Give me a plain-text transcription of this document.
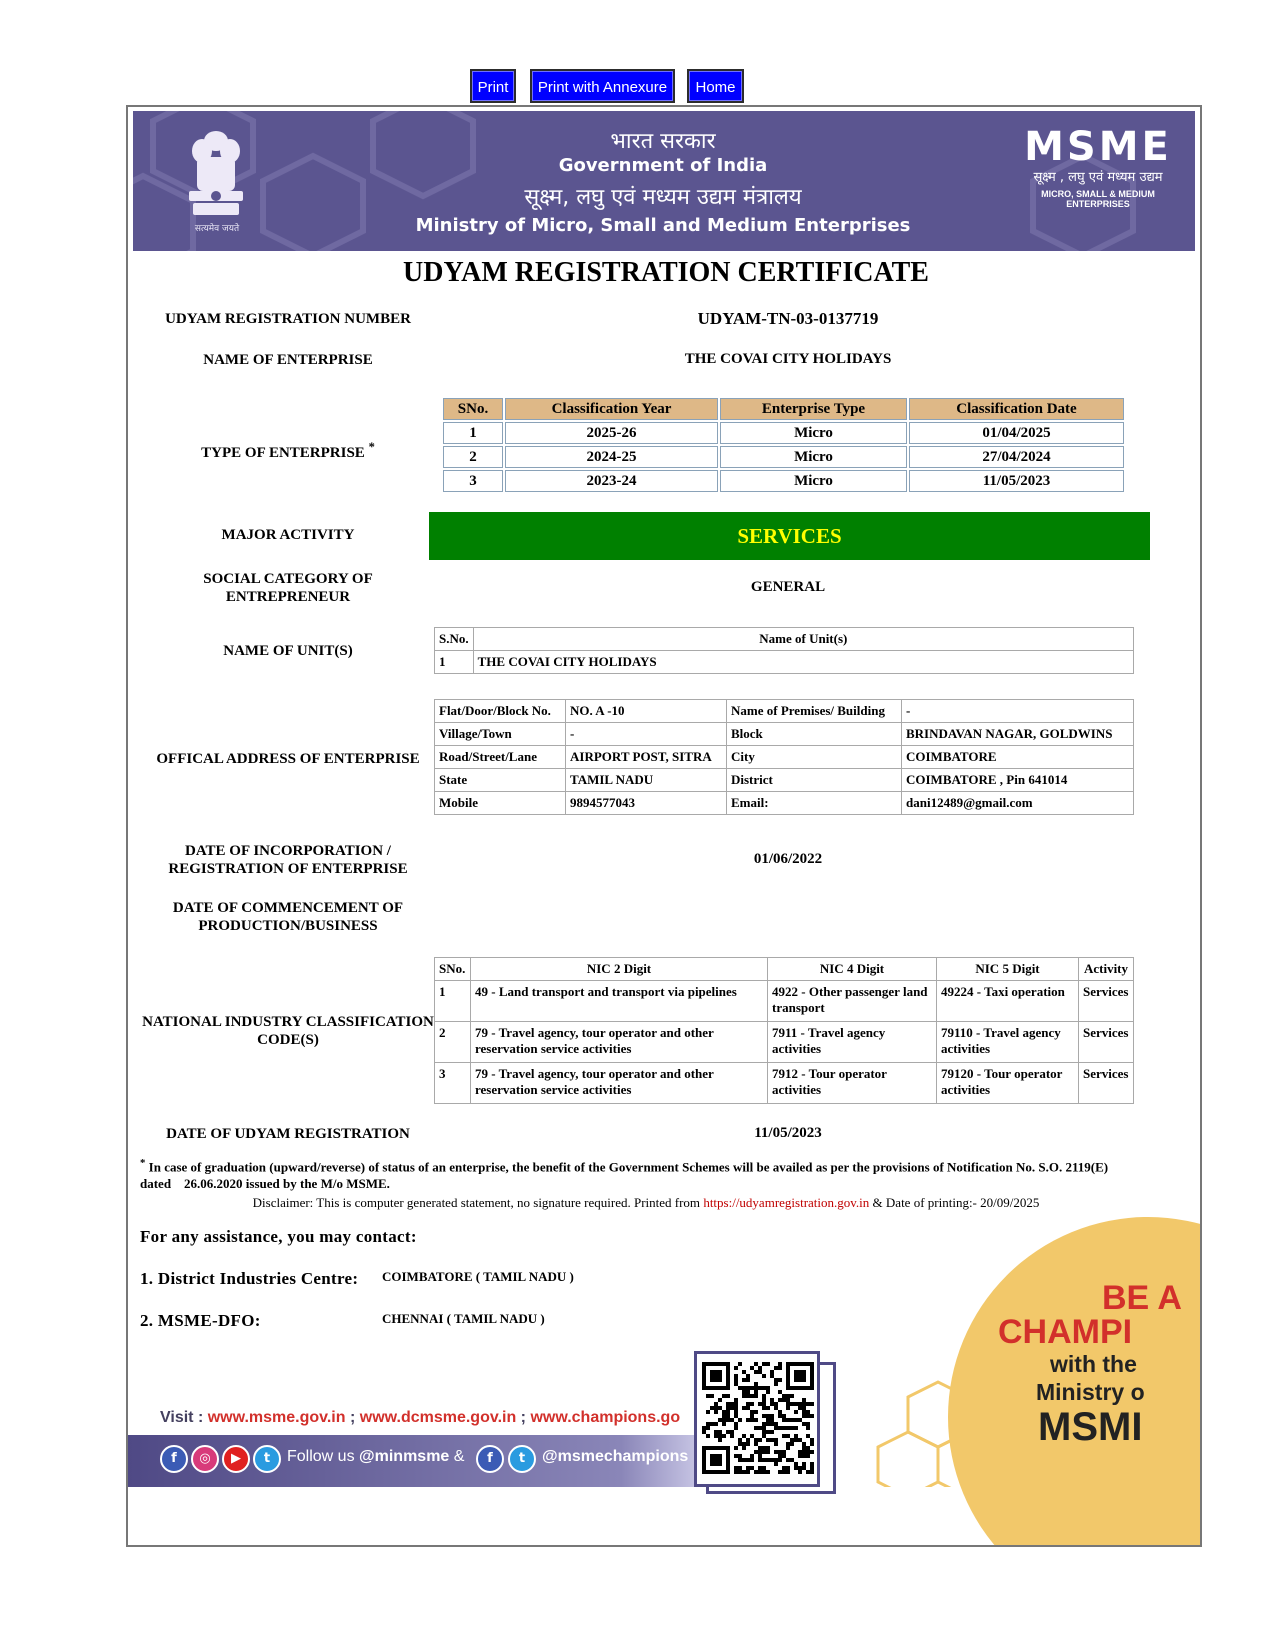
Print	Print with Annexure	Home
सत्यमेव जयते
भारत सरकार
Government of India
सूक्ष्म, लघु एवं मध्यम उद्यम मंत्रालय
Ministry of Micro, Small and Medium Enterprises
MSME
सूक्ष्म , लघु एवं मध्यम उद्यम
MICRO, SMALL & MEDIUM ENTERPRISES
UDYAM REGISTRATION CERTIFICATE
UDYAM REGISTRATION NUMBER	UDYAM-TN-03-0137719
NAME OF ENTERPRISE	THE COVAI CITY HOLIDAYS
TYPE OF ENTERPRISE *
SNo.	Classification Year	Enterprise Type	Classification Date
1	2025-26	Micro	01/04/2025
2	2024-25	Micro	27/04/2024
3	2023-24	Micro	11/05/2023
MAJOR ACTIVITY	SERVICES
SOCIAL CATEGORY OF ENTREPRENEUR
GENERAL
NAME OF UNIT(S)
S.No.	Name of Unit(s)
1	THE COVAI CITY HOLIDAYS
OFFICAL ADDRESS OF ENTERPRISE
Flat/Door/Block No.	NO. A -10	Name of Premises/ Building	-
Village/Town	-	Block	BRINDAVAN NAGAR, GOLDWINS
Road/Street/Lane	AIRPORT POST, SITRA	City	COIMBATORE
State	TAMIL NADU	District	COIMBATORE , Pin 641014
Mobile	9894577043	Email:	dani12489@gmail.com
DATE OF INCORPORATION / REGISTRATION OF ENTERPRISE
01/06/2022
DATE OF COMMENCEMENT OF PRODUCTION/BUSINESS
NATIONAL INDUSTRY CLASSIFICATION CODE(S)
SNo.	NIC 2 Digit	NIC 4 Digit	NIC 5 Digit	Activity
1	49 - Land transport and transport via pipelines	4922 - Other passenger land transport	49224 - Taxi operation	Services
2	79 - Travel agency, tour operator and other reservation service activities	7911 - Travel agency activities	79110 - Travel agency activities	Services
3	79 - Travel agency, tour operator and other reservation service activities	7912 - Tour operator activities	79120 - Tour operator activities	Services
DATE OF UDYAM REGISTRATION	11/05/2023
* In case of graduation (upward/reverse) of status of an enterprise, the benefit of the Government Schemes will be availed as per the provisions of Notification No. S.O. 2119(E) dated    26.06.2020 issued by the M/o MSME.
Disclaimer: This is computer generated statement, no signature required. Printed from https://udyamregistration.gov.in & Date of printing:- 20/09/2025
For any assistance, you may contact:
1. District Industries Centre: COIMBATORE ( TAMIL NADU )
2. MSME-DFO:	CHENNAI ( TAMIL NADU )
BE A
CHAMPI
with the
Ministry o
MSMI
Visit : www.msme.gov.in ; www.dcmsme.gov.in ; www.champions.go
f	◎	▶	t	Follow us @minmsme &	f	t	@msmechampions
